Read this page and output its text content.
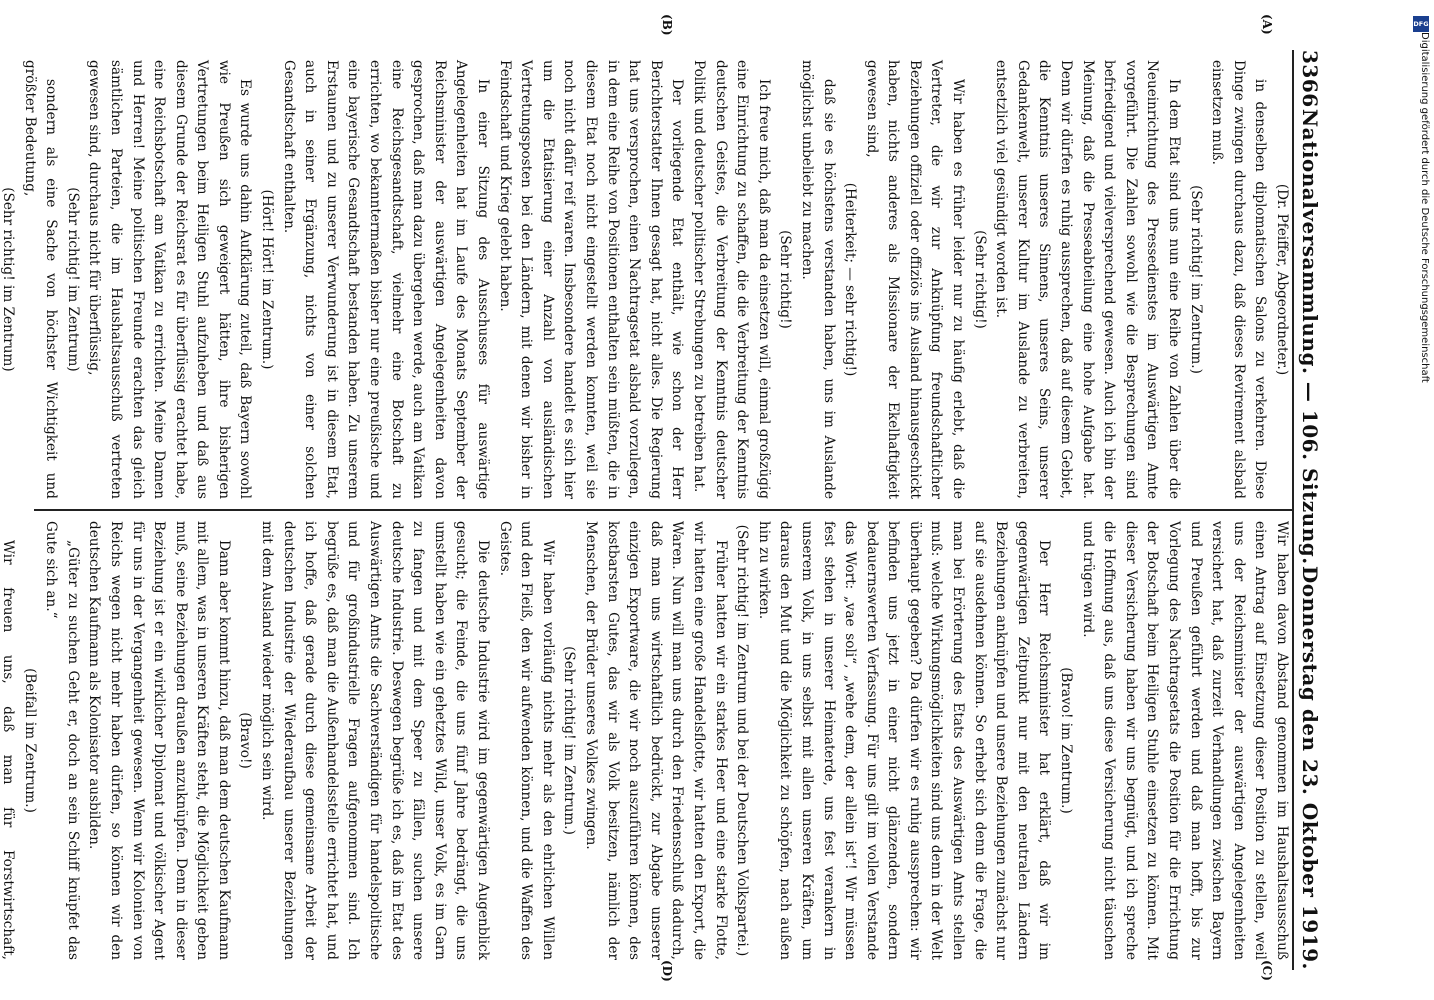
3366
Nationalversammlung. — 106. Sitzung.
Donnerstag den 23. Oktober 1919.
(A)
(B)
(C)
(D)

(Dr. Pfeiffer, Abgeordneter.)

in denselben diplomatischen Salons zu verkehren. Diese Dinge zwingen durchaus dazu, daß dieses Revirement alsbald einsetzen muß.

(Sehr richtig! im Zentrum.)

In dem Etat sind uns nun eine Reihe von Zahlen über die Neueinrichtung des Pressedienstes im Auswärtigen Amte vorgeführt. Die Zahlen sowohl wie die Besprechungen sind befriedigend und vielversprechend gewesen. Auch ich bin der Meinung, daß die Presseabteilung eine hohe Aufgabe hat. Denn wir dürfen es ruhig aussprechen, daß auf diesem Gebiet, die Kenntnis unseres Sinnens, unseres Seins, unserer Gedankenwelt, unserer Kultur im Auslande zu verbreiten, entsetzlich viel gesündigt worden ist.

(Sehr richtig!)

Wir haben es früher leider nur zu häufig erlebt, daß die Vertreter, die wir zur Anknüpfung freundschaftlicher Beziehungen offiziell oder offiziös ins Ausland hinausgeschickt haben, nichts anderes als Missionare der Ekelhaftigkeit gewesen sind,

(Heiterkeit; — sehr richtig!)

daß sie es höchstens verstanden haben, uns im Auslande möglichst unbeliebt zu machen.

(Sehr richtig!)

Ich freue mich, daß man da einsetzen will, einmal großzügig eine Einrichtung zu schaffen, die die Verbreitung der Kenntnis deutschen Geistes, die Verbreitung der Kenntnis deutscher Politik und deutscher politischer Strebungen zu betreiben hat.

Der vorliegende Etat enthält, wie schon der Herr Berichterstatter Ihnen gesagt hat, nicht alles. Die Regierung hat uns versprochen, einen Nachtragsetat alsbald vorzulegen, in dem eine Reihe von Positionen enthalten sein müßten, die in diesem Etat noch nicht eingestellt werden konnten, weil sie noch nicht dafür reif waren. Insbesondere handelt es sich hier um die Etatisierung einer Anzahl von ausländischen Vertretungsposten bei den Ländern, mit denen wir bisher in Feindschaft und Krieg gelebt haben.

In einer Sitzung des Ausschusses für auswärtige Angelegenheiten hat im Laufe des Monats September der Reichsminister der auswärtigen Angelegenheiten davon gesprochen, daß man dazu übergehen werde, auch am Vatikan eine Reichsgesandtschaft, vielmehr eine Botschaft zu errichten, wo bekanntermaßen bisher nur eine preußische und eine bayerische Gesandtschaft bestanden haben. Zu unserem Erstaunen und zu unserer Verwunderung ist in diesem Etat, auch in seiner Ergänzung, nichts von einer solchen Gesandtschaft enthalten.

(Hört! Hört! im Zentrum.)

Es wurde uns dahin Aufklärung zuteil, daß Bayern sowohl wie Preußen sich geweigert hätten, ihre bisherigen Vertretungen beim Heiligen Stuhl aufzuheben und daß aus diesem Grunde der Reichsrat es für überflüssig erachtet habe, eine Reichsbotschaft am Vatikan zu errichten. Meine Damen und Herren! Meine politischen Freunde erachten das gleich sämtlichen Parteien, die im Haushaltsausschuß vertreten gewesen sind, durchaus nicht für überflüssig,

(Sehr richtig! im Zentrum)

sondern als eine Sache von höchster Wichtigkeit und größter Bedeutung,

(Sehr richtig! im Zentrum)

Wir haben davon Abstand genommen im Haushaltsausschuß einen Antrag auf Einsetzung dieser Position zu stellen, weil uns der Reichsminister der auswärtigen Angelegenheiten versichert hat, daß zurzeit Verhandlungen zwischen Bayern und Preußen geführt werden und daß man hofft, bis zur Vorlegung des Nachtragsetats die Position für die Errichtung der Botschaft beim Heiligen Stuhle einsetzen zu können. Mit dieser Versicherung haben wir uns begnügt, und ich spreche die Hoffnung aus, daß uns diese Versicherung nicht täuschen und trügen wird.

(Bravo! im Zentrum.)

Der Herr Reichsminister hat erklärt, daß wir im gegenwärtigen Zeitpunkt nur mit den neutralen Ländern Beziehungen anknüpfen und unsere Beziehungen zunächst nur auf sie ausdehnen können. So erhebt sich denn die Frage, die man bei Erörterung des Etats des Auswärtigen Amts stellen muß: welche Wirkungsmöglichkeiten sind uns denn in der Welt überhaupt gegeben? Da dürfen wir es ruhig aussprechen: wir befinden uns jetzt in einer nicht glänzenden, sondern bedauernswerten Verfassung. Für uns gilt im vollen Verstande das Wort: „vae soli“, „wehe dem, der allein ist“! Wir müssen fest stehen in unserer Heimaterde, uns fest verankern in unserem Volk, in uns selbst mit allen unseren Kräften, um daraus den Mut und die Möglichkeit zu schöpfen, nach außen hin zu wirken.

(Sehr richtig! im Zentrum und bei der Deutschen Volkspartei.)

Früher hatten wir ein starkes Heer und eine starke Flotte, wir hatten eine große Handelsflotte, wir hatten den Export, die Waren. Nun will man uns durch den Friedensschluß dadurch, daß man uns wirtschaftlich bedrückt, zur Abgabe unserer einzigen Exportware, die wir noch auszuführen können, des kostbarsten Gutes, das wir als Volk besitzen, nämlich der Menschen, der Brüder unseres Volkes zwingen.

(Sehr richtig! im Zentrum.)

Wir haben vorläufig nichts mehr als den ehrlichen Willen und den Fleiß, den wir aufwenden können, und die Waffen des Geistes.

Die deutsche Industrie wird im gegenwärtigen Augenblick gesucht; die Feinde, die uns fünf Jahre bedrängt, die uns umstellt haben wie ein gehetztes Wild, unser Volk, es im Garn zu fangen und mit dem Speer zu fällen, suchen unsere deutsche Industrie. Deswegen begrüße ich es, daß im Etat des Auswärtigen Amts die Sachverständigen für handelspolitische und für großindustrielle Fragen aufgenommen sind. Ich begrüße es, daß man die Außenhandelsstelle errichtet hat, und ich hoffe, daß gerade durch diese gemeinsame Arbeit der deutschen Industrie der Wiederaufbau unserer Beziehungen mit dem Ausland wieder möglich sein wird.

(Bravo!)

Dann aber kommt hinzu, daß man dem deutschen Kaufmann mit allem, was in unseren Kräften steht, die Möglichkeit geben muß, seine Beziehungen draußen anzuknüpfen. Denn in dieser Beziehung ist er ein wirklicher Diplomat und völkischer Agent für uns in der Vergangenheit gewesen. Wenn wir Kolonien von Reichs wegen nicht mehr haben dürfen, so können wir den deutschen Kaufmann als Kolonisator ausbilden.

„Güter zu suchen Geht er, doch an sein Schiff knüpfet das Gute sich an.“

(Beifall im Zentrum.)

Wir freuen uns, daß man für Forstwirtschaft,

DFG
Digitalisierung gefördert durch die Deutsche Forschungsgemeinschaft
